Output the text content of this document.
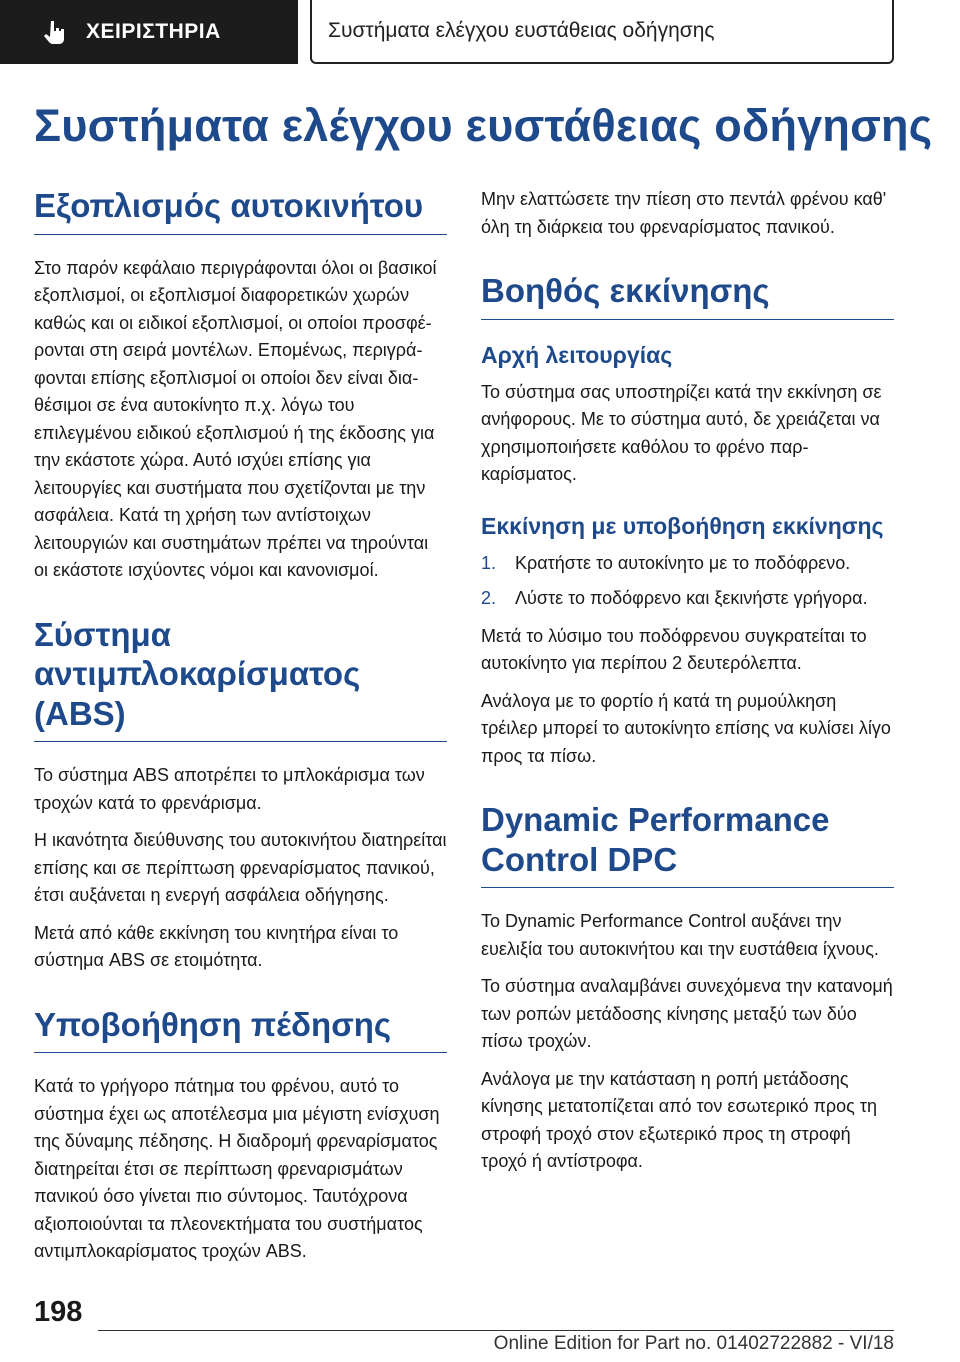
ΧΕΙΡΙΣΤΗΡΙΑ	Συστήματα ελέγχου ευστάθειας οδήγησης
Συστήματα ελέγχου ευστάθειας οδήγησης
Εξοπλισμός αυτοκινήτου

Στο παρόν κεφάλαιο περιγράφονται όλοι οι βασικοί εξοπλισμοί, οι εξοπλισμοί διαφορετικών χωρών καθώς και οι ειδικοί εξοπλισμοί, οι οποίοι προσφέρονται στη σειρά μοντέλων. Επομένως, περιγράφονται επίσης εξοπλισμοί οι οποίοι δεν είναι διαθέσιμοι σε ένα αυτοκίνητο π.χ. λόγω του επιλεγμένου ειδικού εξοπλισμού ή της έκδοσης για την εκάστοτε χώρα. Αυτό ισχύει επίσης για λειτουργίες και συστήματα που σχετίζονται με την ασφάλεια. Κατά τη χρήση των αντίστοιχων λειτουργιών και συστημάτων πρέπει να τηρούνται οι εκάστοτε ισχύοντες νόμοι και κανονισμοί.

Σύστημα αντιμπλοκαρίσματος (ABS)

Το σύστημα ABS αποτρέπει το μπλοκάρισμα των τροχών κατά το φρενάρισμα.

Η ικανότητα διεύθυνσης του αυτοκινήτου διατηρείται επίσης και σε περίπτωση φρεναρίσματος πανικού, έτσι αυξάνεται η ενεργή ασφάλεια οδήγησης.

Μετά από κάθε εκκίνηση του κινητήρα είναι το σύστημα ABS σε ετοιμότητα.

Υποβοήθηση πέδησης

Κατά το γρήγορο πάτημα του φρένου, αυτό το σύστημα έχει ως αποτέλεσμα μια μέγιστη ενίσχυση της δύναμης πέδησης. Η διαδρομή φρεναρίσματος διατηρείται έτσι σε περίπτωση φρεναρισμάτων πανικού όσο γίνεται πιο σύντομος. Ταυτόχρονα αξιοποιούνται τα πλεονεκτήματα του συστήματος αντιμπλοκαρίσματος τροχών ABS.

Μην ελαττώσετε την πίεση στο πεντάλ φρένου καθ' όλη τη διάρκεια του φρεναρίσματος πανικού.

Βοηθός εκκίνησης
Αρχή λειτουργίας

Το σύστημα σας υποστηρίζει κατά την εκκίνηση σε ανήφορους. Με το σύστημα αυτό, δε χρειάζεται να χρησιμοποιήσετε καθόλου το φρένο παρκαρίσματος.

Εκκίνηση με υποβοήθηση εκκίνησης
1.	Κρατήστε το αυτοκίνητο με το ποδόφρενο.
2.	Λύστε το ποδόφρενο και ξεκινήστε γρήγορα.

Μετά το λύσιμο του ποδόφρενου συγκρατείται το αυτοκίνητο για περίπου 2 δευτερόλεπτα.

Ανάλογα με το φορτίο ή κατά τη ρυμούλκηση τρέιλερ μπορεί το αυτοκίνητο επίσης να κυλίσει λίγο προς τα πίσω.

Dynamic Performance Control DPC

Το Dynamic Performance Control αυξάνει την ευελιξία του αυτοκινήτου και την ευστάθεια ίχνους.

Το σύστημα αναλαμβάνει συνεχόμενα την κατανομή των ροπών μετάδοσης κίνησης μεταξύ των δύο πίσω τροχών.

Ανάλογα με την κατάσταση η ροπή μετάδοσης κίνησης μετατοπίζεται από τον εσωτερικό προς τη στροφή τροχό στον εξωτερικό προς τη στροφή τροχό ή αντίστροφα.

198
Online Edition for Part no. 01402722882 - VI/18
